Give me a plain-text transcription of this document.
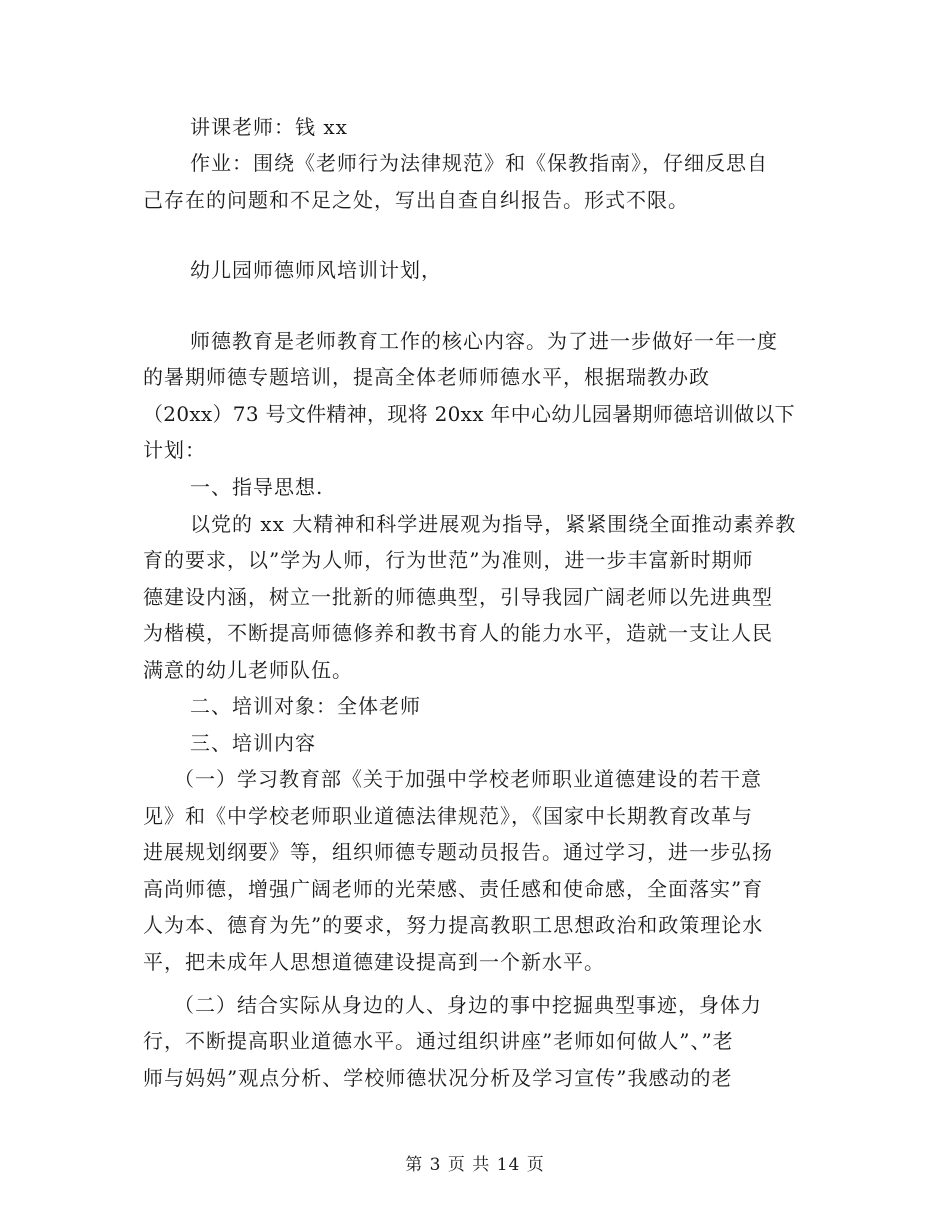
讲课老师：钱 xx
作业：围绕《老师行为法律规范》和《保教指南》，仔细反思自
己存在的问题和不足之处，写出自查自纠报告。形式不限。
幼儿园师德师风培训计划，
师德教育是老师教育工作的核心内容。为了进一步做好一年一度
的暑期师德专题培训，提高全体老师师德水平，根据瑞教办政
（20xx）73 号文件精神，现将 20xx 年中心幼儿园暑期师德培训做以下
计划：
一、指导思想.
以党的 xx 大精神和科学进展观为指导，紧紧围绕全面推动素养教
育的要求，以”学为人师，行为世范”为准则，进一步丰富新时期师
德建设内涵，树立一批新的师德典型，引导我园广阔老师以先进典型
为楷模，不断提高师德修养和教书育人的能力水平，造就一支让人民
满意的幼儿老师队伍。
二、培训对象：全体老师
三、培训内容
（一）学习教育部《关于加强中学校老师职业道德建设的若干意
见》和《中学校老师职业道德法律规范》，《国家中长期教育改革与
进展规划纲要》等，组织师德专题动员报告。通过学习，进一步弘扬
高尚师德，增强广阔老师的光荣感、责任感和使命感，全面落实”育
人为本、德育为先”的要求，努力提高教职工思想政治和政策理论水
平，把未成年人思想道德建设提高到一个新水平。
（二）结合实际从身边的人、身边的事中挖掘典型事迹，身体力
行，不断提高职业道德水平。通过组织讲座”老师如何做人”、”老
师与妈妈”观点分析、学校师德状况分析及学习宣传”我感动的老
第 3 页 共 14 页
